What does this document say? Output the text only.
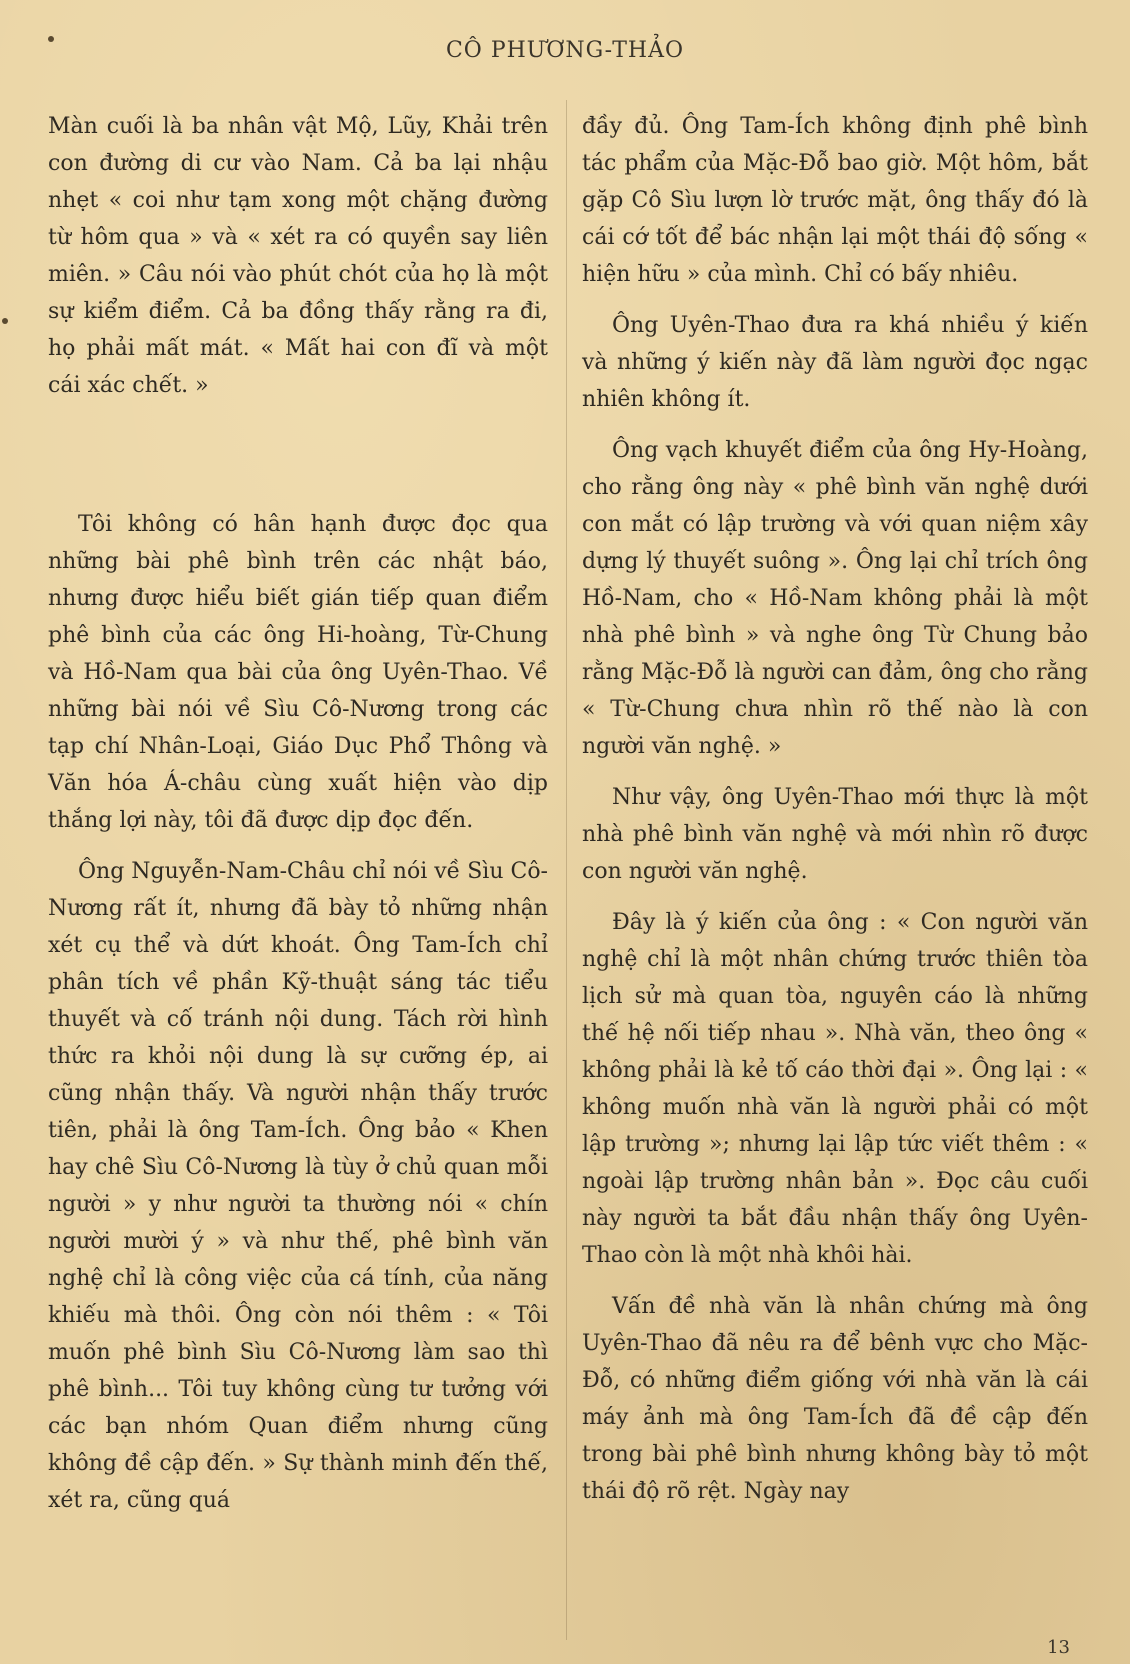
CÔ PHƯƠNG-THẢO

Màn cuối là ba nhân vật Mộ, Lũy, Khải trên con đường di cư vào Nam. Cả ba lại nhậu nhẹt « coi như tạm xong một chặng đường từ hôm qua » và « xét ra có quyền say liên miên. » Câu nói vào phút chót của họ là một sự kiểm điểm. Cả ba đồng thấy rằng ra đi, họ phải mất mát. « Mất hai con đĩ và một cái xác chết. »

Tôi không có hân hạnh được đọc qua những bài phê bình trên các nhật báo, nhưng được hiểu biết gián tiếp quan điểm phê bình của các ông Hi-hoàng, Từ-Chung và Hồ-Nam qua bài của ông Uyên-Thao. Về những bài nói về Sìu Cô-Nương trong các tạp chí Nhân-Loại, Giáo Dục Phổ Thông và Văn hóa Á-châu cùng xuất hiện vào dịp thắng lợi này, tôi đã được dịp đọc đến.

Ông Nguyễn-Nam-Châu chỉ nói về Sìu Cô-Nương rất ít, nhưng đã bày tỏ những nhận xét cụ thể và dứt khoát. Ông Tam-Ích chỉ phân tích về phần Kỹ-thuật sáng tác tiểu thuyết và cố tránh nội dung. Tách rời hình thức ra khỏi nội dung là sự cưỡng ép, ai cũng nhận thấy. Và người nhận thấy trước tiên, phải là ông Tam-Ích. Ông bảo « Khen hay chê Sìu Cô-Nương là tùy ở chủ quan mỗi người » y như người ta thường nói « chín người mười ý » và như thế, phê bình văn nghệ chỉ là công việc của cá tính, của năng khiếu mà thôi. Ông còn nói thêm : « Tôi muốn phê bình Sìu Cô-Nương làm sao thì phê bình... Tôi tuy không cùng tư tưởng với các bạn nhóm Quan điểm nhưng cũng không đề cập đến. » Sự thành minh đến thế, xét ra, cũng quá

đầy đủ. Ông Tam-Ích không định phê bình tác phẩm của Mặc-Đỗ bao giờ. Một hôm, bắt gặp Cô Sìu lượn lờ trước mặt, ông thấy đó là cái cớ tốt để bác nhận lại một thái độ sống « hiện hữu » của mình. Chỉ có bấy nhiêu.

Ông Uyên-Thao đưa ra khá nhiều ý kiến và những ý kiến này đã làm người đọc ngạc nhiên không ít.

Ông vạch khuyết điểm của ông Hy-Hoàng, cho rằng ông này « phê bình văn nghệ dưới con mắt có lập trường và với quan niệm xây dựng lý thuyết suông ». Ông lại chỉ trích ông Hồ-Nam, cho « Hồ-Nam không phải là một nhà phê bình » và nghe ông Từ Chung bảo rằng Mặc-Đỗ là người can đảm, ông cho rằng « Từ-Chung chưa nhìn rõ thế nào là con người văn nghệ. »

Như vậy, ông Uyên-Thao mới thực là một nhà phê bình văn nghệ và mới nhìn rõ được con người văn nghệ.

Đây là ý kiến của ông : « Con người văn nghệ chỉ là một nhân chứng trước thiên tòa lịch sử mà quan tòa, nguyên cáo là những thế hệ nối tiếp nhau ». Nhà văn, theo ông « không phải là kẻ tố cáo thời đại ». Ông lại : « không muốn nhà văn là người phải có một lập trường »; nhưng lại lập tức viết thêm : « ngoài lập trường nhân bản ». Đọc câu cuối này người ta bắt đầu nhận thấy ông Uyên-Thao còn là một nhà khôi hài.

Vấn đề nhà văn là nhân chứng mà ông Uyên-Thao đã nêu ra để bênh vực cho Mặc-Đỗ, có những điểm giống với nhà văn là cái máy ảnh mà ông Tam-Ích đã đề cập đến trong bài phê bình nhưng không bày tỏ một thái độ rõ rệt. Ngày nay

13
